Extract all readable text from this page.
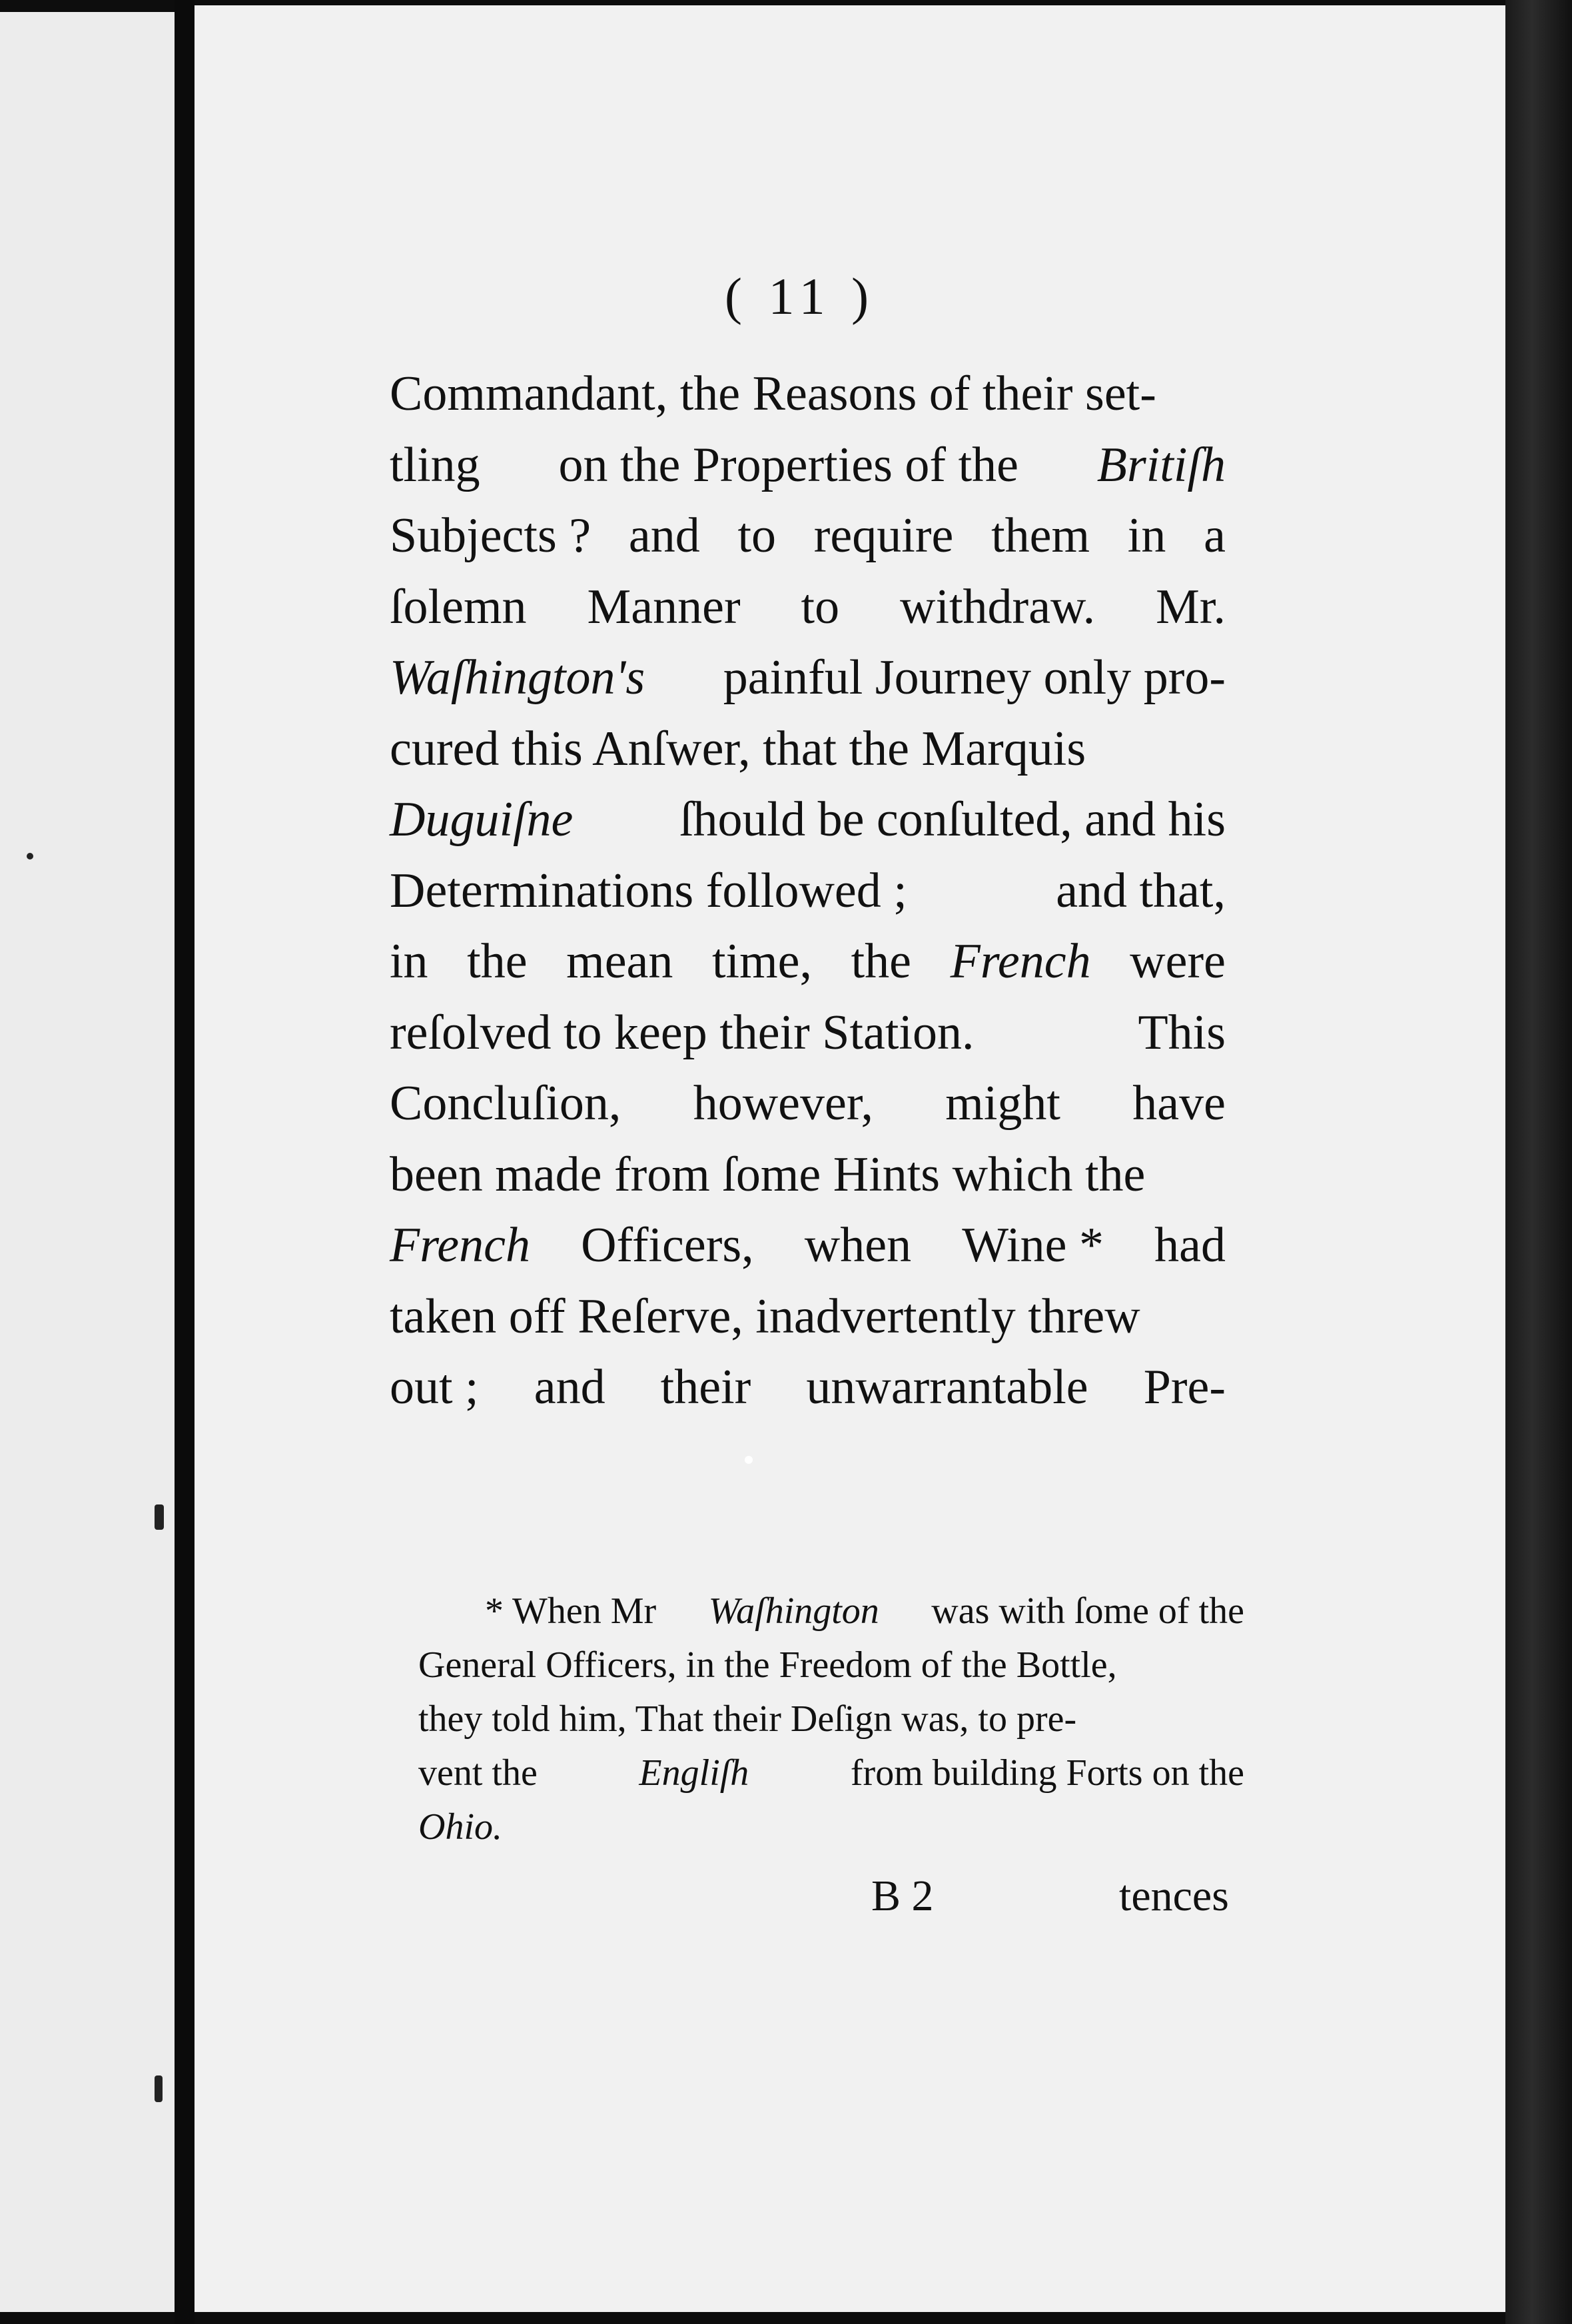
( 11 )
Commandant, the Reasons of their set-
tling on the Properties of the Britiſh
Subjects ? and to require them in a
ſolemn Manner to withdraw. Mr.
Waſhington's painful Journey only pro-
cured this Anſwer, that the Marquis
Duguiſne ſhould be conſulted, and his
Determinations followed ;	and that,
in the mean time, the French were
reſolved to keep their Station.	This
Concluſion, however, might have
been made from ſome Hints which the
French Officers, when Wine * had
taken off Reſerve, inadvertently threw
out ; and their unwarrantable Pre-
* When Mr Waſhington was with ſome of the
General Officers, in the Freedom of the Bottle,
they told him, That their Deſign was, to pre-
vent the	Engliſh	from building Forts on the
Ohio.
B 2	tences
